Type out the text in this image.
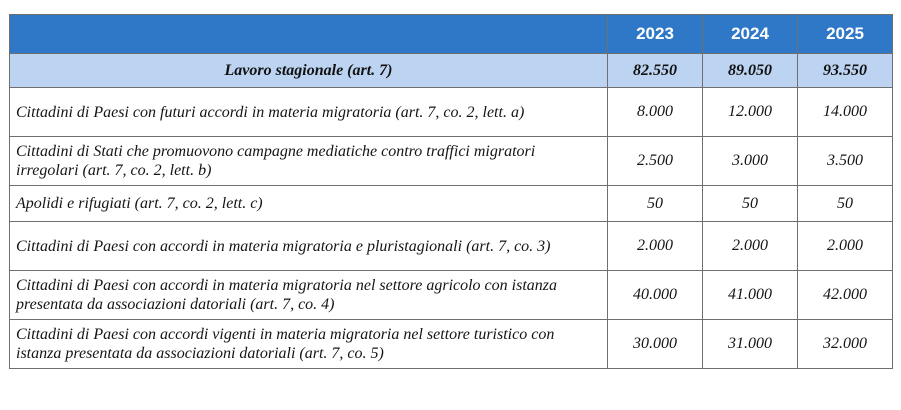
	2023	2024	2025
Lavoro stagionale (art. 7)	82.550	89.050	93.550
Cittadini di Paesi con futuri accordi in materia migratoria (art. 7, co. 2, lett. a)	8.000	12.000	14.000
Cittadini di Stati che promuovono campagne mediatiche contro traffici migratori irregolari (art. 7, co. 2, lett. b)	2.500	3.000	3.500
Apolidi e rifugiati (art. 7, co. 2, lett. c)	50	50	50
Cittadini di Paesi con accordi in materia migratoria e pluristagionali (art. 7, co. 3)	2.000	2.000	2.000
Cittadini di Paesi con accordi in materia migratoria nel settore agricolo con istanza presentata da associazioni datoriali (art. 7, co. 4)	40.000	41.000	42.000
Cittadini di Paesi con accordi vigenti in materia migratoria nel settore turistico con istanza presentata da associazioni datoriali (art. 7, co. 5)	30.000	31.000	32.000
